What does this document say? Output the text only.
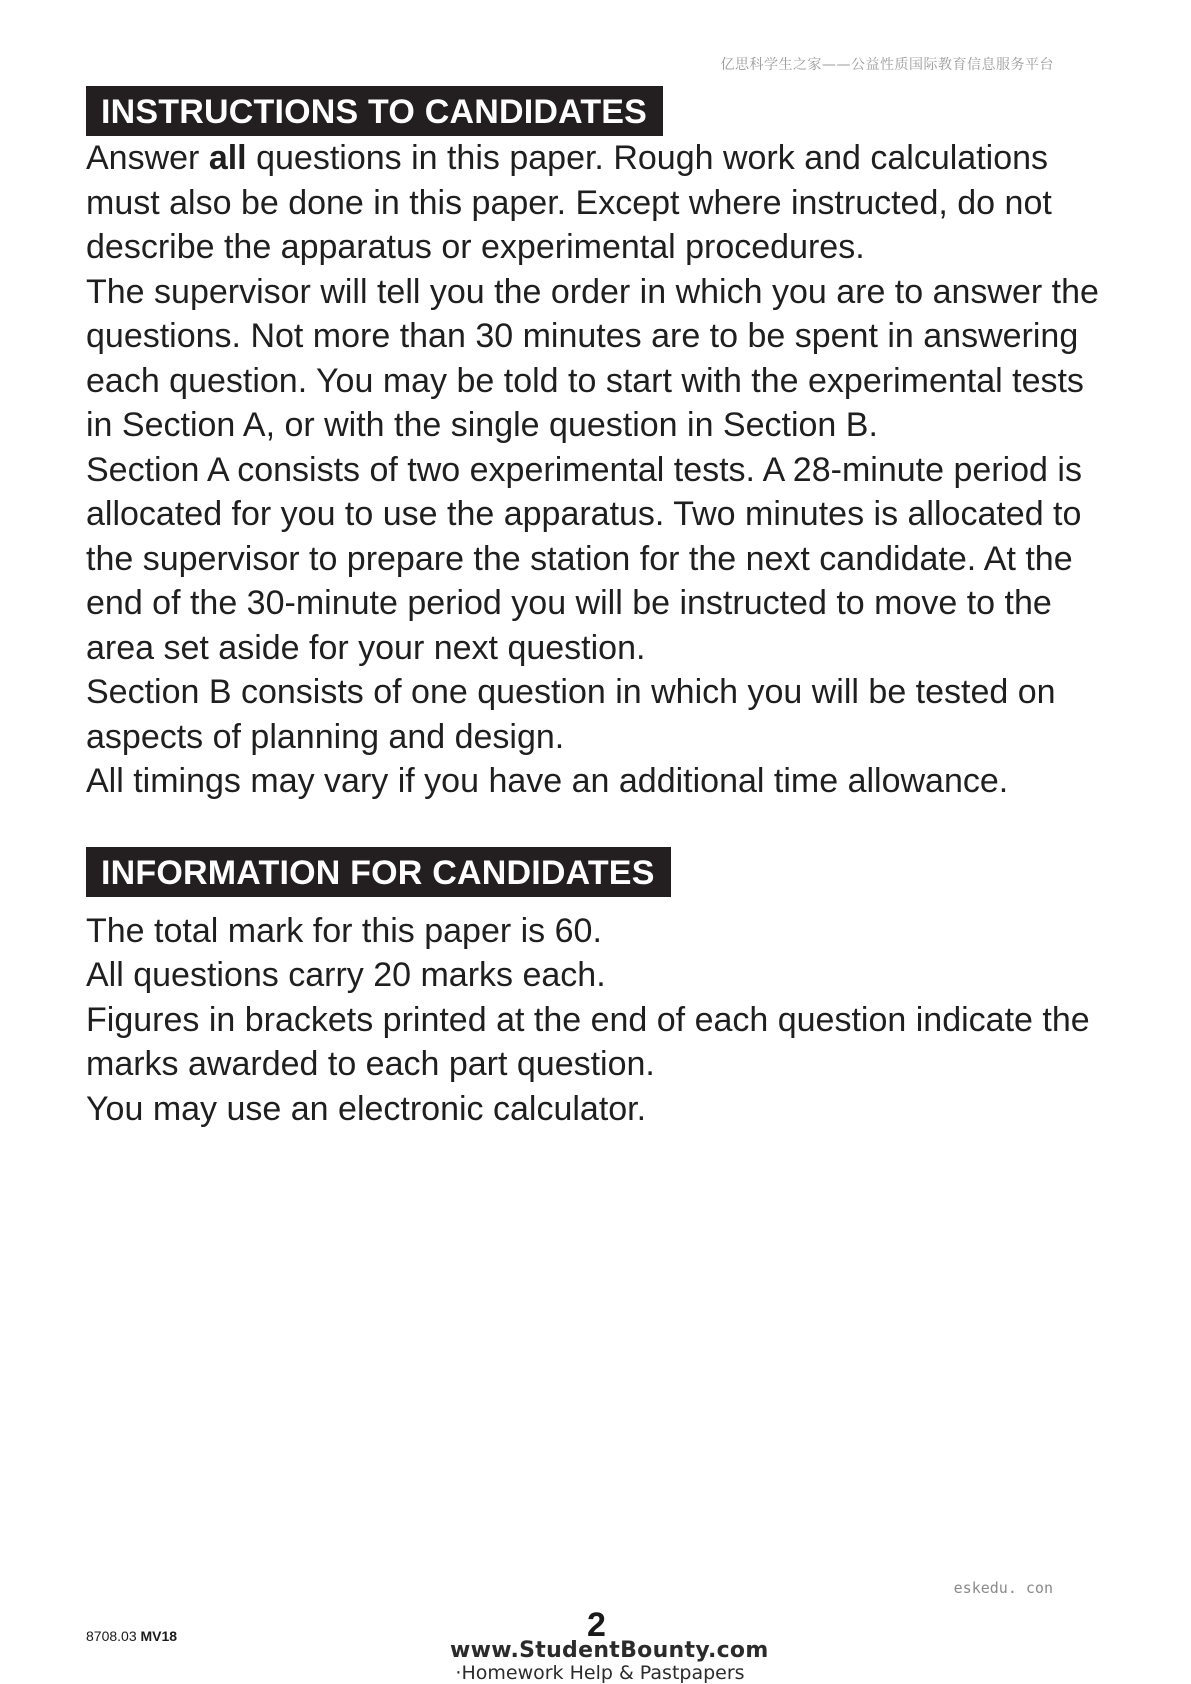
亿思科学生之家——公益性质国际教育信息服务平台
INSTRUCTIONS TO CANDIDATES

Answer all questions in this paper. Rough work and calculations must also be done in this paper. Except where instructed, do not describe the apparatus or experimental procedures.

The supervisor will tell you the order in which you are to answer the questions. Not more than 30 minutes are to be spent in answering each question. You may be told to start with the experimental tests in Section A, or with the single question in Section B.

Section A consists of two experimental tests. A 28-minute period is allocated for you to use the apparatus. Two minutes is allocated to the supervisor to prepare the station for the next candidate. At the end of the 30-minute period you will be instructed to move to the area set aside for your next question.

Section B consists of one question in which you will be tested on aspects of planning and design.

All timings may vary if you have an additional time allowance.

INFORMATION FOR CANDIDATES

The total mark for this paper is 60.

All questions carry 20 marks each.

Figures in brackets printed at the end of each question indicate the marks awarded to each part question.

You may use an electronic calculator.

eskedu. con
8708.03 MV18	2
www.StudentBounty.com
·Homework Help & Pastpapers
